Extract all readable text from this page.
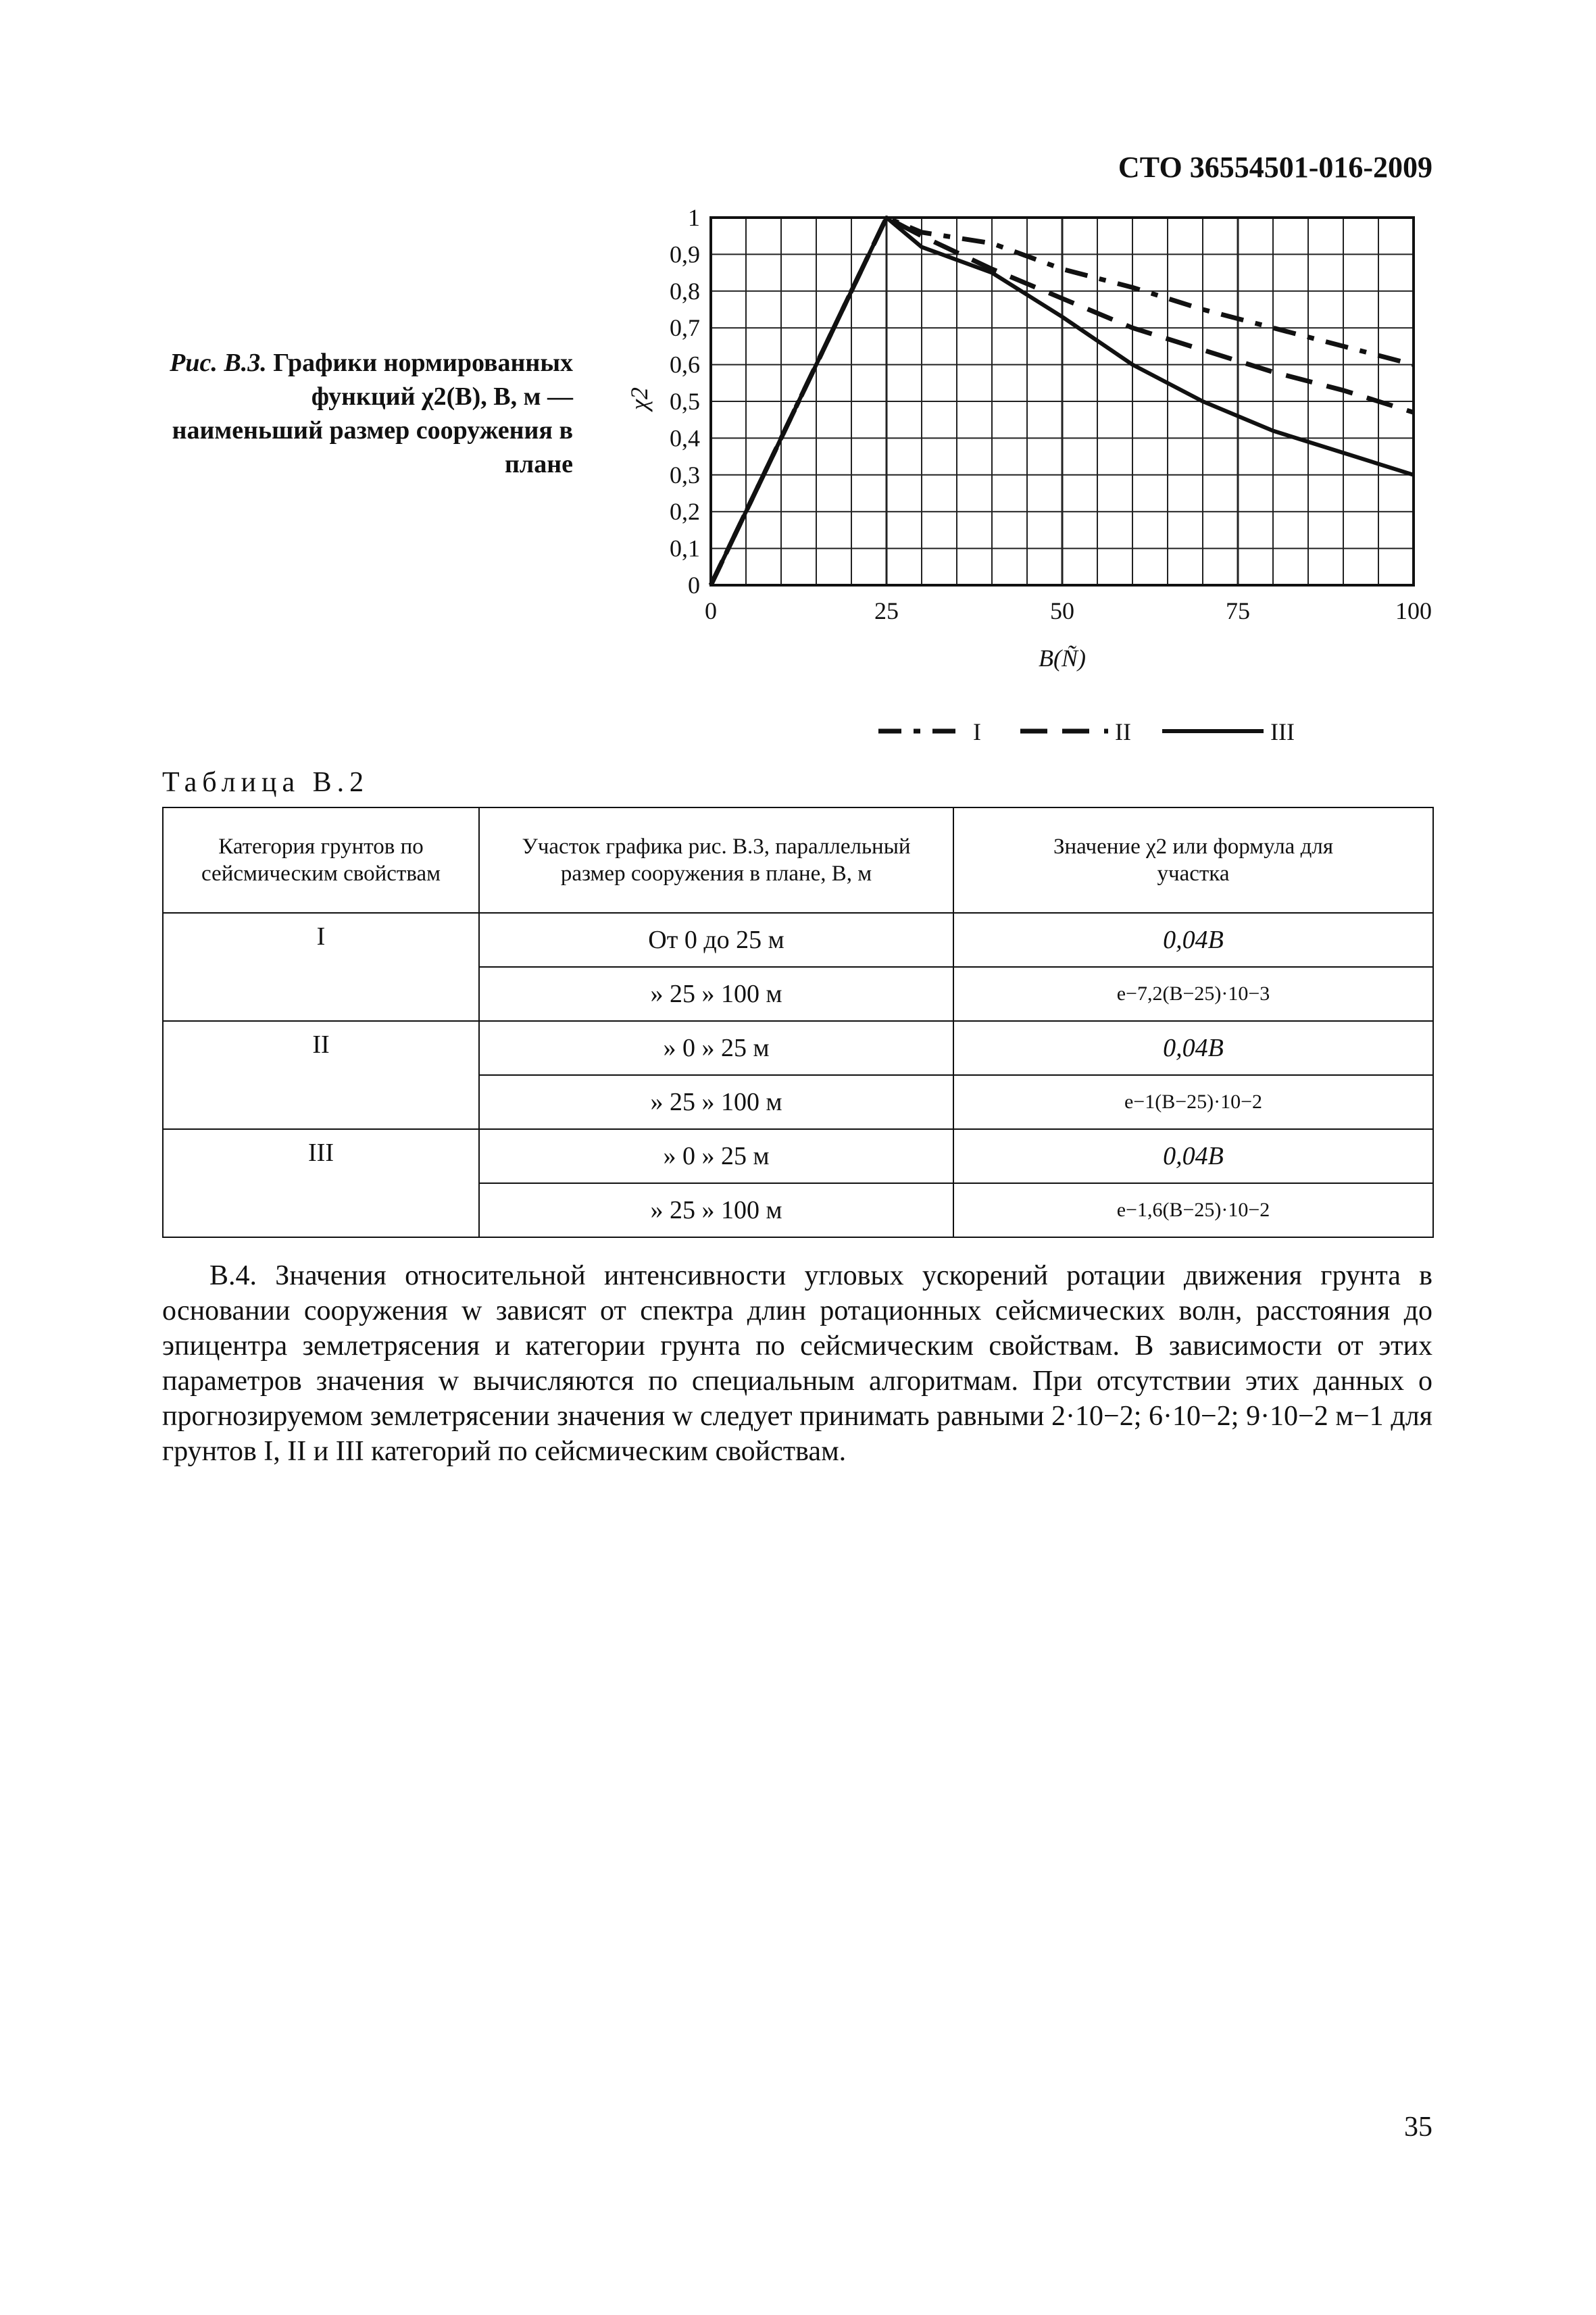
СТО 36554501-016-2009
Рис. В.3. Графики нормированных функций χ2(B), B, м — наименьший размер сооружения в плане
0
0,1
0,2
0,3
0,4
0,5
0,6
0,7
0,8
0,9
1
0	25	50	75	100
χ2
B(Ñ)
I	II	III
Таблица В.2
Категория грунтов по сейсмическим свойствам	Участок графика рис. В.3, параллельный размер сооружения в плане, B, м	Значение χ2 или формула для участка
I	От 0 до 25 м	0,04B
	» 25 » 100 м	e−7,2(B−25)·10−3
II	» 0 » 25 м	0,04B
	» 25 » 100 м	e−1(B−25)·10−2
III	» 0 » 25 м	0,04B
	» 25 » 100 м	e−1,6(B−25)·10−2
В.4. Значения относительной интенсивности угловых ускорений ротации движения грунта в основании сооружения w зависят от спектра длин ротационных сейсмических волн, расстояния до эпицентра землетрясения и категории грунта по сейсмическим свойствам. В зависимости от этих параметров значения w вычисляются по специальным алгоритмам. При отсутствии этих данных о прогнозируемом землетрясении значения w следует принимать равными 2·10−2; 6·10−2; 9·10−2 м−1 для грунтов I, II и III категорий по сейсмическим свойствам.
35
